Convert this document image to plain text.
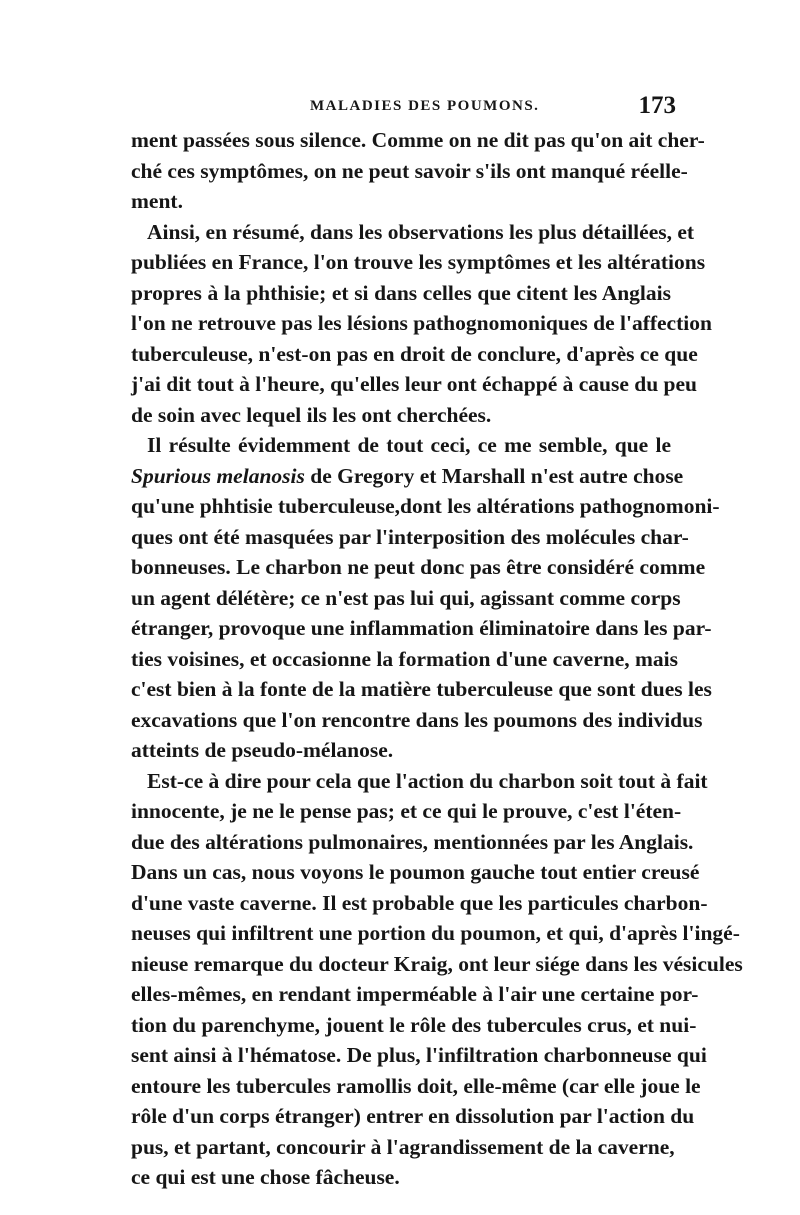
MALADIES DES POUMONS.	173
ment passées sous silence. Comme on ne dit pas qu'on ait cher-
ché ces symptômes, on ne peut savoir s'ils ont manqué réelle-
ment.
Ainsi, en résumé, dans les observations les plus détaillées, et
publiées en France, l'on trouve les symptômes et les altérations
propres à la phthisie; et si dans celles que citent les Anglais
l'on ne retrouve pas les lésions pathognomoniques de l'affection
tuberculeuse, n'est-on pas en droit de conclure, d'après ce que
j'ai dit tout à l'heure, qu'elles leur ont échappé à cause du peu
de soin avec lequel ils les ont cherchées.
Il résulte évidemment de tout ceci, ce me semble, que le
Spurious melanosis de Gregory et Marshall n'est autre chose
qu'une phhtisie tuberculeuse,dont les altérations pathognomoni-
ques ont été masquées par l'interposition des molécules char-
bonneuses. Le charbon ne peut donc pas être considéré comme
un agent délétère; ce n'est pas lui qui, agissant comme corps
étranger, provoque une inflammation éliminatoire dans les par-
ties voisines, et occasionne la formation d'une caverne, mais
c'est bien à la fonte de la matière tuberculeuse que sont dues les
excavations que l'on rencontre dans les poumons des individus
atteints de pseudo-mélanose.
Est-ce à dire pour cela que l'action du charbon soit tout à fait
innocente, je ne le pense pas; et ce qui le prouve, c'est l'éten-
due des altérations pulmonaires, mentionnées par les Anglais.
Dans un cas, nous voyons le poumon gauche tout entier creusé
d'une vaste caverne. Il est probable que les particules charbon-
neuses qui infiltrent une portion du poumon, et qui, d'après l'ingé-
nieuse remarque du docteur Kraig, ont leur siége dans les vésicules
elles-mêmes, en rendant imperméable à l'air une certaine por-
tion du parenchyme, jouent le rôle des tubercules crus, et nui-
sent ainsi à l'hématose. De plus, l'infiltration charbonneuse qui
entoure les tubercules ramollis doit, elle-même (car elle joue le
rôle d'un corps étranger) entrer en dissolution par l'action du
pus, et partant, concourir à l'agrandissement de la caverne,
ce qui est une chose fâcheuse.
